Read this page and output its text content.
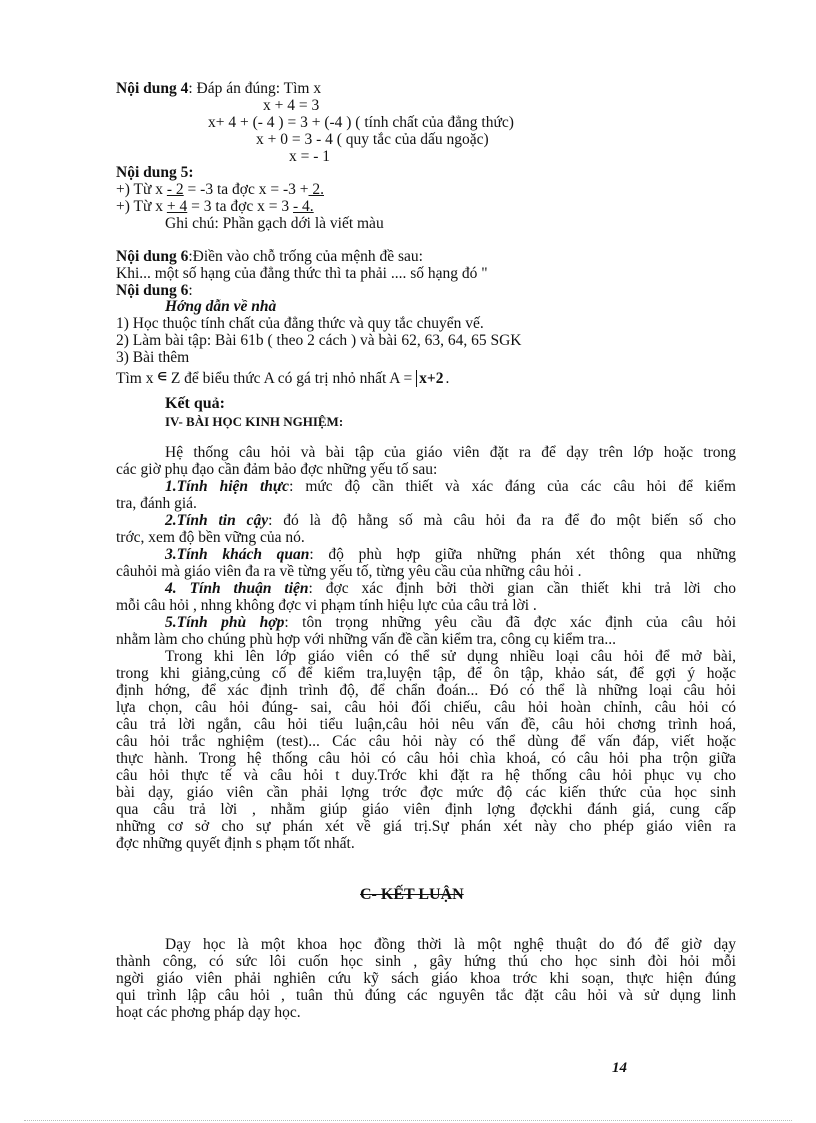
Nội dung 4: Đáp án đúng: Tìm x
x + 4 = 3
x+ 4 + (- 4 ) = 3 + (-4 ) ( tính chất của đẳng thức)
x + 0 = 3 - 4 ( quy tắc của dấu ngoặc)
x = - 1
Nội dung 5:
+) Từ x - 2 = -3 ta đợc x = -3 + 2.
+) Từ x + 4 = 3 ta đợc x = 3 - 4.
Ghi chú: Phần gạch dới là viết màu
Nội dung 6:Điền vào chỗ trống của mệnh đề sau:
Khi... một số hạng của đẳng thức thì ta phải .... số hạng đó "
Nội dung 6:
Hớng dẫn về nhà
1) Học thuộc tính chất của đẳng thức và quy tắc chuyển vế.
2) Làm bài tập: Bài 61b ( theo 2 cách ) và bài 62, 63, 64, 65 SGK
3) Bài thêm
Tìm x ∈ Z để biểu thức A có gá trị nhỏ nhất A = x+2 .
Kết quả:
IV- BÀI HỌC KINH NGHIỆM:
Hệ thống câu hỏi và bài tập của giáo viên đặt ra để dạy trên lớp hoặc trong
các giờ phụ đạo cần đảm bảo đợc những yếu tố sau:
1.Tính hiện thực: mức độ cần thiết và xác đáng của các câu hỏi để kiểm
tra, đánh giá.
2.Tính tin cậy: đó là độ hằng số mà câu hỏi đa ra để đo một biến số cho
trớc, xem độ bền vững của nó.
3.Tính khách quan: độ phù hợp giữa những phán xét thông qua những
câuhỏi mà giáo viên đa ra về từng yếu tố, từng yêu cầu của những câu hỏi .
4. Tính thuận tiện: đợc xác định bởi thời gian cần thiết khi trả lời cho
mỗi câu hỏi , nhng không đợc vi phạm tính hiệu lực của câu trả lời .
5.Tính phù hợp: tôn trọng những yêu cầu đã đợc xác định của câu hỏi
nhằm làm cho chúng phù hợp với những vấn đề cần kiểm tra, công cụ kiểm tra...
Trong khi lên lớp giáo viên có thể sử dụng nhiều loại câu hỏi để mở bài,
trong khi giảng,củng cố để kiểm tra,luyện tập, để ôn tập, khảo sát, để gợi ý hoặc
định hớng, để xác định trình độ, để chẩn đoán... Đó có thể là những loại câu hỏi
lựa chọn, câu hỏi đúng- sai, câu hỏi đối chiếu, câu hỏi hoàn chỉnh, câu hỏi có
câu trả lời ngắn, câu hỏi tiểu luận,câu hỏi nêu vấn đề, câu hỏi chơng trình hoá,
câu hỏi trắc nghiệm (test)... Các câu hỏi này có thể dùng để vấn đáp, viết hoặc
thực hành. Trong hệ thống câu hỏi có câu hỏi chìa khoá, có câu hỏi pha trộn giữa
câu hỏi thực tế và câu hỏi t duy.Trớc khi đặt ra hệ thống câu hỏi phục vụ cho
bài dạy, giáo viên cần phải lợng trớc đợc mức độ các kiến thức của học sinh
qua câu trả lời , nhằm giúp giáo viên định lợng đợckhi đánh giá, cung cấp
những cơ sở cho sự phán xét về giá trị.Sự phán xét này cho phép giáo viên ra
đợc những quyết định s phạm tốt nhất.
C- KẾT LUẬN
Dạy học là một khoa học đồng thời là một nghệ thuật do đó để giờ dạy
thành công, có sức lôi cuốn học sinh , gây hứng thú cho học sinh đòi hỏi mỗi
ngời giáo viên phải nghiên cứu kỹ sách giáo khoa trớc khi soạn, thực hiện đúng
qui trình lập câu hỏi , tuân thủ đúng các nguyên tắc đặt câu hỏi và sử dụng linh
hoạt các phơng pháp dạy học.
14
